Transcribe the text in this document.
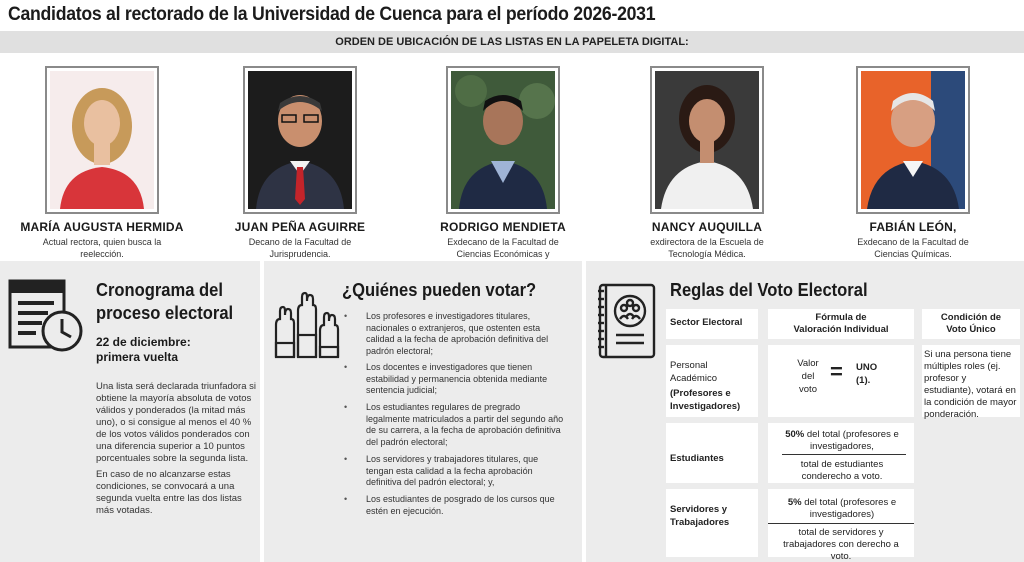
Candidatos al rectorado de la Universidad de Cuenca para el período 2026-2031
ORDEN DE UBICACIÓN DE LAS LISTAS EN LA PAPELETA DIGITAL:
MARÍA AUGUSTA HERMIDA
Actual rectora, quien busca la reelección.
JUAN PEÑA AGUIRRE
Decano de la Facultad de Jurisprudencia.
RODRIGO MENDIETA
Exdecano de la Facultad de Ciencias Económicas y
NANCY AUQUILLA
exdirectora de la Escuela de Tecnología Médica.
FABIÁN LEÓN,
Exdecano de la Facultad de Ciencias Químicas.
Cronograma del
proceso electoral
22 de diciembre:
primera vuelta
Una lista será declarada triunfadora si obtiene la mayoría absoluta de votos válidos y ponderados (la mitad más uno), o si consigue al menos el 40 % de los votos válidos ponderados con una diferencia superior a 10 puntos porcentuales sobre la segunda lista.
En caso de no alcanzarse estas condiciones, se convocará a una segunda vuelta entre las dos listas más votadas.
¿Quiénes pueden votar?
• Los profesores e investigadores titulares, nacionales o extranjeros, que ostenten esta calidad a la fecha de aprobación definitiva del padrón electoral;
• Los docentes e investigadores que tienen estabilidad y permanencia obtenida mediante sentencia judicial;
• Los estudiantes regulares de pregrado legalmente matriculados a partir del segundo año de su carrera, a la fecha de aprobación definitiva del padrón electoral;
• Los servidores y trabajadores titulares, que tengan esta calidad a la fecha aprobación definitiva del padrón electoral; y,
• Los estudiantes de posgrado de los cursos que estén en ejecución.
Reglas del Voto Electoral
Sector Electoral	Fórmula de Valoración Individual
Condición de Voto Único
Personal Académico
(Profesores e Investigadores)
Valor del voto
= UNO (1).
Si una persona tiene múltiples roles (ej. profesor y estudiante), votará en la condición de mayor ponderación.
Estudiantes
50% del total (profesores e investigadores,
total de estudiantes conderecho a voto.
Servidores y Trabajadores
5% del total (profesores e investigadores)
total de servidores y trabajadores con derecho a voto.
